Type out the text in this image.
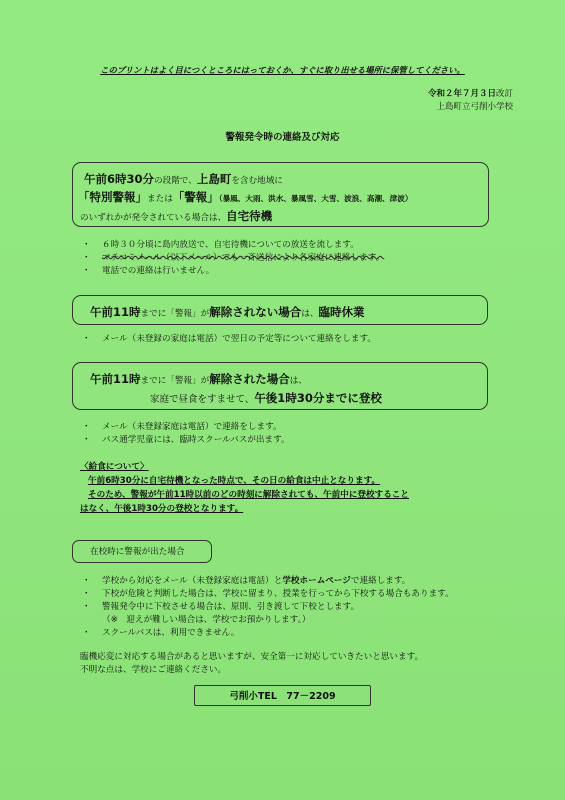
このプリントはよく目につくところにはっておくか、すぐに取り出せる場所に保管してください。
令和２年７月３日改訂
上島町立弓削小学校
警報発令時の連絡及び対応
午前6時30分の段階で、上島町を含む地域に
「特別警報」または「警報」（暴風、大雨、洪水、暴風雪、大雪、波浪、高潮、津波）
のいずれかが発令されている場合は、自宅待機
・ ６時３０分頃に島内放送で、自宅待機についての放送を流します。
・ マチコミメール（以下メール）でも一斉送信により各家庭に連絡します。
・ 電話での連絡は行いません。
午前11時までに「警報」が解除されない場合は、臨時休業
・ メール（未登録の家庭は電話）で翌日の予定等について連絡をします。
午前11時までに「警報」が解除された場合は、
家庭で昼食をすませて、午後1時30分までに登校
・ メール（未登録家庭は電話）で連絡をします。
・ バス通学児童には、臨時スクールバスが出ます。
〈給食について〉
午前6時30分に自宅待機となった時点で、その日の給食は中止となります。
そのため、警報が午前11時以前のどの時刻に解除されても、午前中に登校すること
はなく、午後1時30分の登校となります。
在校時に警報が出た場合
・ 学校から対応をメール（未登録家庭は電話）と学校ホームページで連絡します。
・ 下校が危険と判断した場合は、学校に留まり、授業を行ってから下校する場合もあります。
・ 警報発令中に下校させる場合は、原則、引き渡して下校とします。
（※　迎えが難しい場合は、学校でお預かりします。）
・ スクールバスは、利用できません。
臨機応変に対応する場合があると思いますが、安全第一に対応していきたいと思います。
不明な点は、学校にご連絡ください。
弓削小TEL　77－2209
